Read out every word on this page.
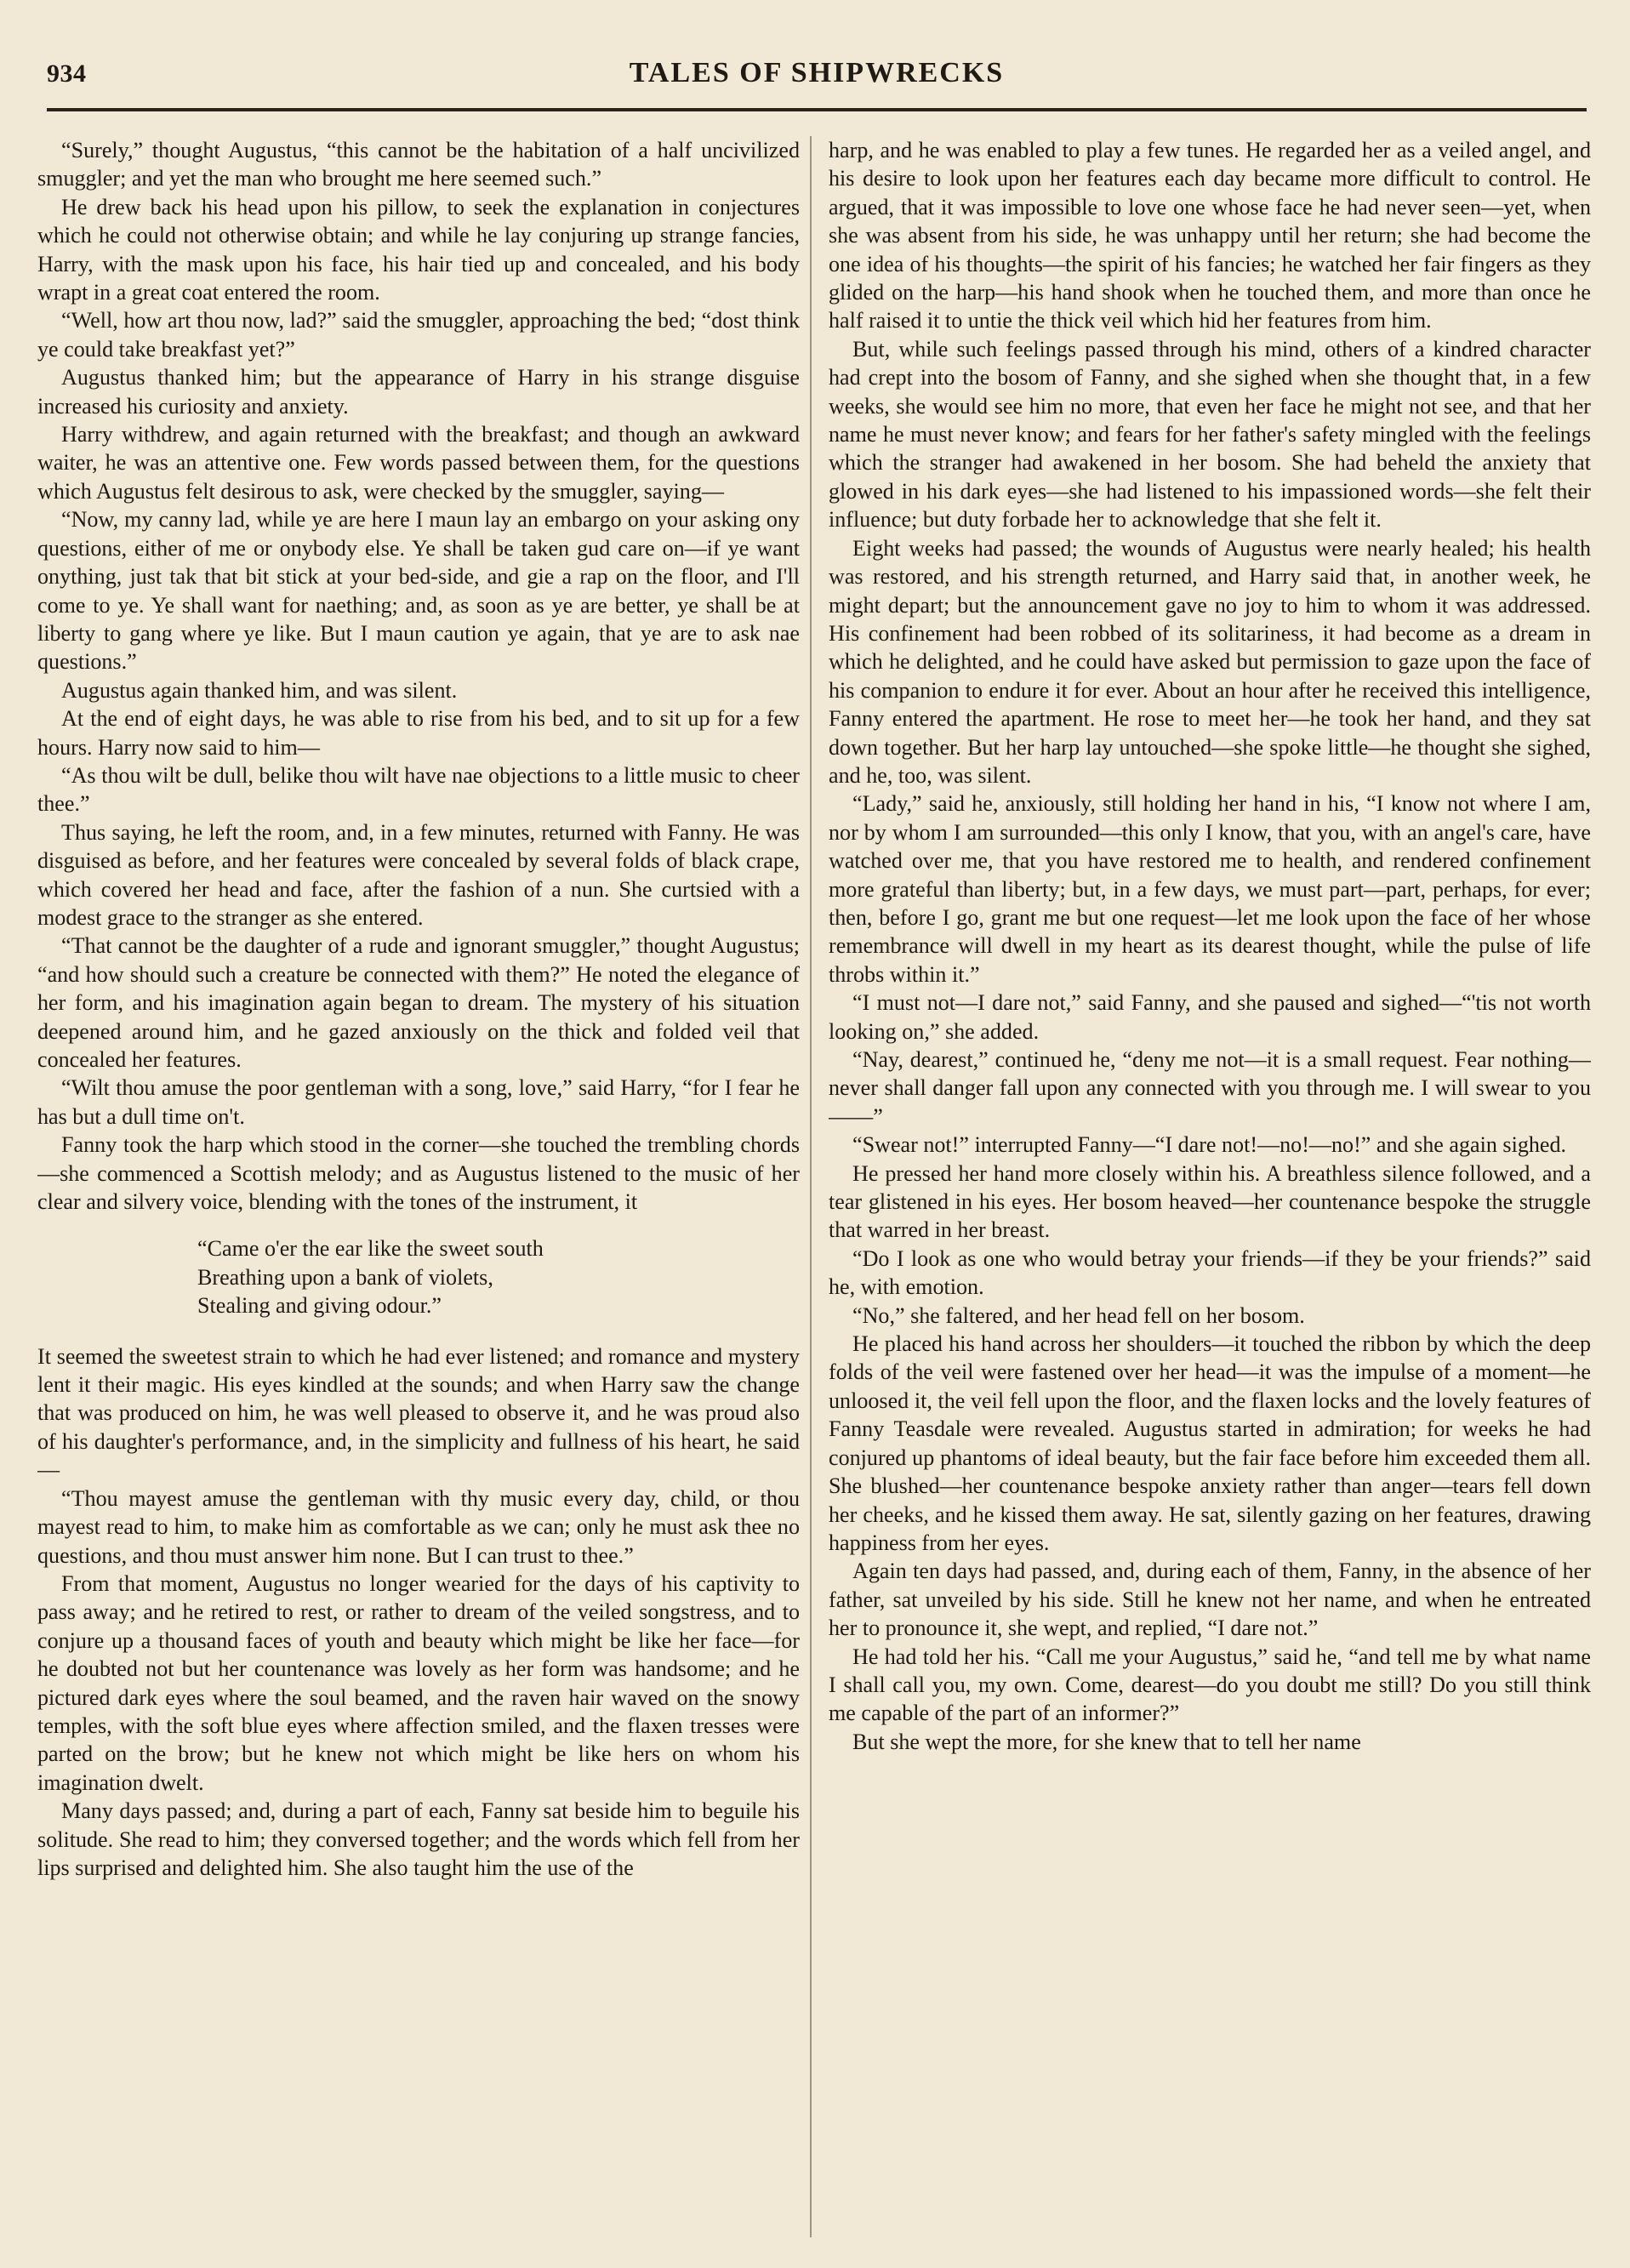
934	TALES OF SHIPWRECKS

“Surely,” thought Augustus, “this cannot be the habitation of a half uncivilized smuggler; and yet the man who brought me here seemed such.”

He drew back his head upon his pillow, to seek the explanation in conjectures which he could not otherwise obtain; and while he lay conjuring up strange fancies, Harry, with the mask upon his face, his hair tied up and concealed, and his body wrapt in a great coat entered the room.

“Well, how art thou now, lad?” said the smuggler, approaching the bed; “dost think ye could take breakfast yet?”

Augustus thanked him; but the appearance of Harry in his strange disguise increased his curiosity and anxiety.

Harry withdrew, and again returned with the breakfast; and though an awkward waiter, he was an attentive one. Few words passed between them, for the questions which Augustus felt desirous to ask, were checked by the smuggler, saying—

“Now, my canny lad, while ye are here I maun lay an embargo on your asking ony questions, either of me or onybody else. Ye shall be taken gud care on—if ye want onything, just tak that bit stick at your bed-side, and gie a rap on the floor, and I'll come to ye. Ye shall want for naething; and, as soon as ye are better, ye shall be at liberty to gang where ye like. But I maun caution ye again, that ye are to ask nae questions.”

Augustus again thanked him, and was silent.

At the end of eight days, he was able to rise from his bed, and to sit up for a few hours. Harry now said to him—

“As thou wilt be dull, belike thou wilt have nae objections to a little music to cheer thee.”

Thus saying, he left the room, and, in a few minutes, returned with Fanny. He was disguised as before, and her features were concealed by several folds of black crape, which covered her head and face, after the fashion of a nun. She curtsied with a modest grace to the stranger as she entered.

“That cannot be the daughter of a rude and ignorant smuggler,” thought Augustus; “and how should such a creature be connected with them?” He noted the elegance of her form, and his imagination again began to dream. The mystery of his situation deepened around him, and he gazed anxiously on the thick and folded veil that concealed her features.

“Wilt thou amuse the poor gentleman with a song, love,” said Harry, “for I fear he has but a dull time on't.

Fanny took the harp which stood in the corner—she touched the trembling chords—she commenced a Scottish melody; and as Augustus listened to the music of her clear and silvery voice, blending with the tones of the instrument, it

“Came o'er the ear like the sweet south
Breathing upon a bank of violets,
Stealing and giving odour.”

It seemed the sweetest strain to which he had ever listened; and romance and mystery lent it their magic. His eyes kindled at the sounds; and when Harry saw the change that was produced on him, he was well pleased to observe it, and he was proud also of his daughter's performance, and, in the simplicity and fullness of his heart, he said—

“Thou mayest amuse the gentleman with thy music every day, child, or thou mayest read to him, to make him as comfortable as we can; only he must ask thee no questions, and thou must answer him none. But I can trust to thee.”

From that moment, Augustus no longer wearied for the days of his captivity to pass away; and he retired to rest, or rather to dream of the veiled songstress, and to conjure up a thousand faces of youth and beauty which might be like her face—for he doubted not but her countenance was lovely as her form was handsome; and he pictured dark eyes where the soul beamed, and the raven hair waved on the snowy temples, with the soft blue eyes where affection smiled, and the flaxen tresses were parted on the brow; but he knew not which might be like hers on whom his imagination dwelt.

Many days passed; and, during a part of each, Fanny sat beside him to beguile his solitude. She read to him; they conversed together; and the words which fell from her lips surprised and delighted him. She also taught him the use of the

harp, and he was enabled to play a few tunes. He regarded her as a veiled angel, and his desire to look upon her features each day became more difficult to control. He argued, that it was impossible to love one whose face he had never seen—yet, when she was absent from his side, he was unhappy until her return; she had become the one idea of his thoughts—the spirit of his fancies; he watched her fair fingers as they glided on the harp—his hand shook when he touched them, and more than once he half raised it to untie the thick veil which hid her features from him.

But, while such feelings passed through his mind, others of a kindred character had crept into the bosom of Fanny, and she sighed when she thought that, in a few weeks, she would see him no more, that even her face he might not see, and that her name he must never know; and fears for her father's safety mingled with the feelings which the stranger had awakened in her bosom. She had beheld the anxiety that glowed in his dark eyes—she had listened to his impassioned words—she felt their influence; but duty forbade her to acknowledge that she felt it.

Eight weeks had passed; the wounds of Augustus were nearly healed; his health was restored, and his strength returned, and Harry said that, in another week, he might depart; but the announcement gave no joy to him to whom it was addressed. His confinement had been robbed of its solitariness, it had become as a dream in which he delighted, and he could have asked but permission to gaze upon the face of his companion to endure it for ever. About an hour after he received this intelligence, Fanny entered the apartment. He rose to meet her—he took her hand, and they sat down together. But her harp lay untouched—she spoke little—he thought she sighed, and he, too, was silent.

“Lady,” said he, anxiously, still holding her hand in his, “I know not where I am, nor by whom I am surrounded—this only I know, that you, with an angel's care, have watched over me, that you have restored me to health, and rendered confinement more grateful than liberty; but, in a few days, we must part—part, perhaps, for ever; then, before I go, grant me but one request—let me look upon the face of her whose remembrance will dwell in my heart as its dearest thought, while the pulse of life throbs within it.”

“I must not—I dare not,” said Fanny, and she paused and sighed—“'tis not worth looking on,” she added.

“Nay, dearest,” continued he, “deny me not—it is a small request. Fear nothing—never shall danger fall upon any connected with you through me. I will swear to you——”

“Swear not!” interrupted Fanny—“I dare not!—no!—no!” and she again sighed.

He pressed her hand more closely within his. A breathless silence followed, and a tear glistened in his eyes. Her bosom heaved—her countenance bespoke the struggle that warred in her breast.

“Do I look as one who would betray your friends—if they be your friends?” said he, with emotion.

“No,” she faltered, and her head fell on her bosom.

He placed his hand across her shoulders—it touched the ribbon by which the deep folds of the veil were fastened over her head—it was the impulse of a moment—he unloosed it, the veil fell upon the floor, and the flaxen locks and the lovely features of Fanny Teasdale were revealed. Augustus started in admiration; for weeks he had conjured up phantoms of ideal beauty, but the fair face before him exceeded them all. She blushed—her countenance bespoke anxiety rather than anger—tears fell down her cheeks, and he kissed them away. He sat, silently gazing on her features, drawing happiness from her eyes.

Again ten days had passed, and, during each of them, Fanny, in the absence of her father, sat unveiled by his side. Still he knew not her name, and when he entreated her to pronounce it, she wept, and replied, “I dare not.”

He had told her his. “Call me your Augustus,” said he, “and tell me by what name I shall call you, my own. Come, dearest—do you doubt me still? Do you still think me capable of the part of an informer?”

But she wept the more, for she knew that to tell her name
